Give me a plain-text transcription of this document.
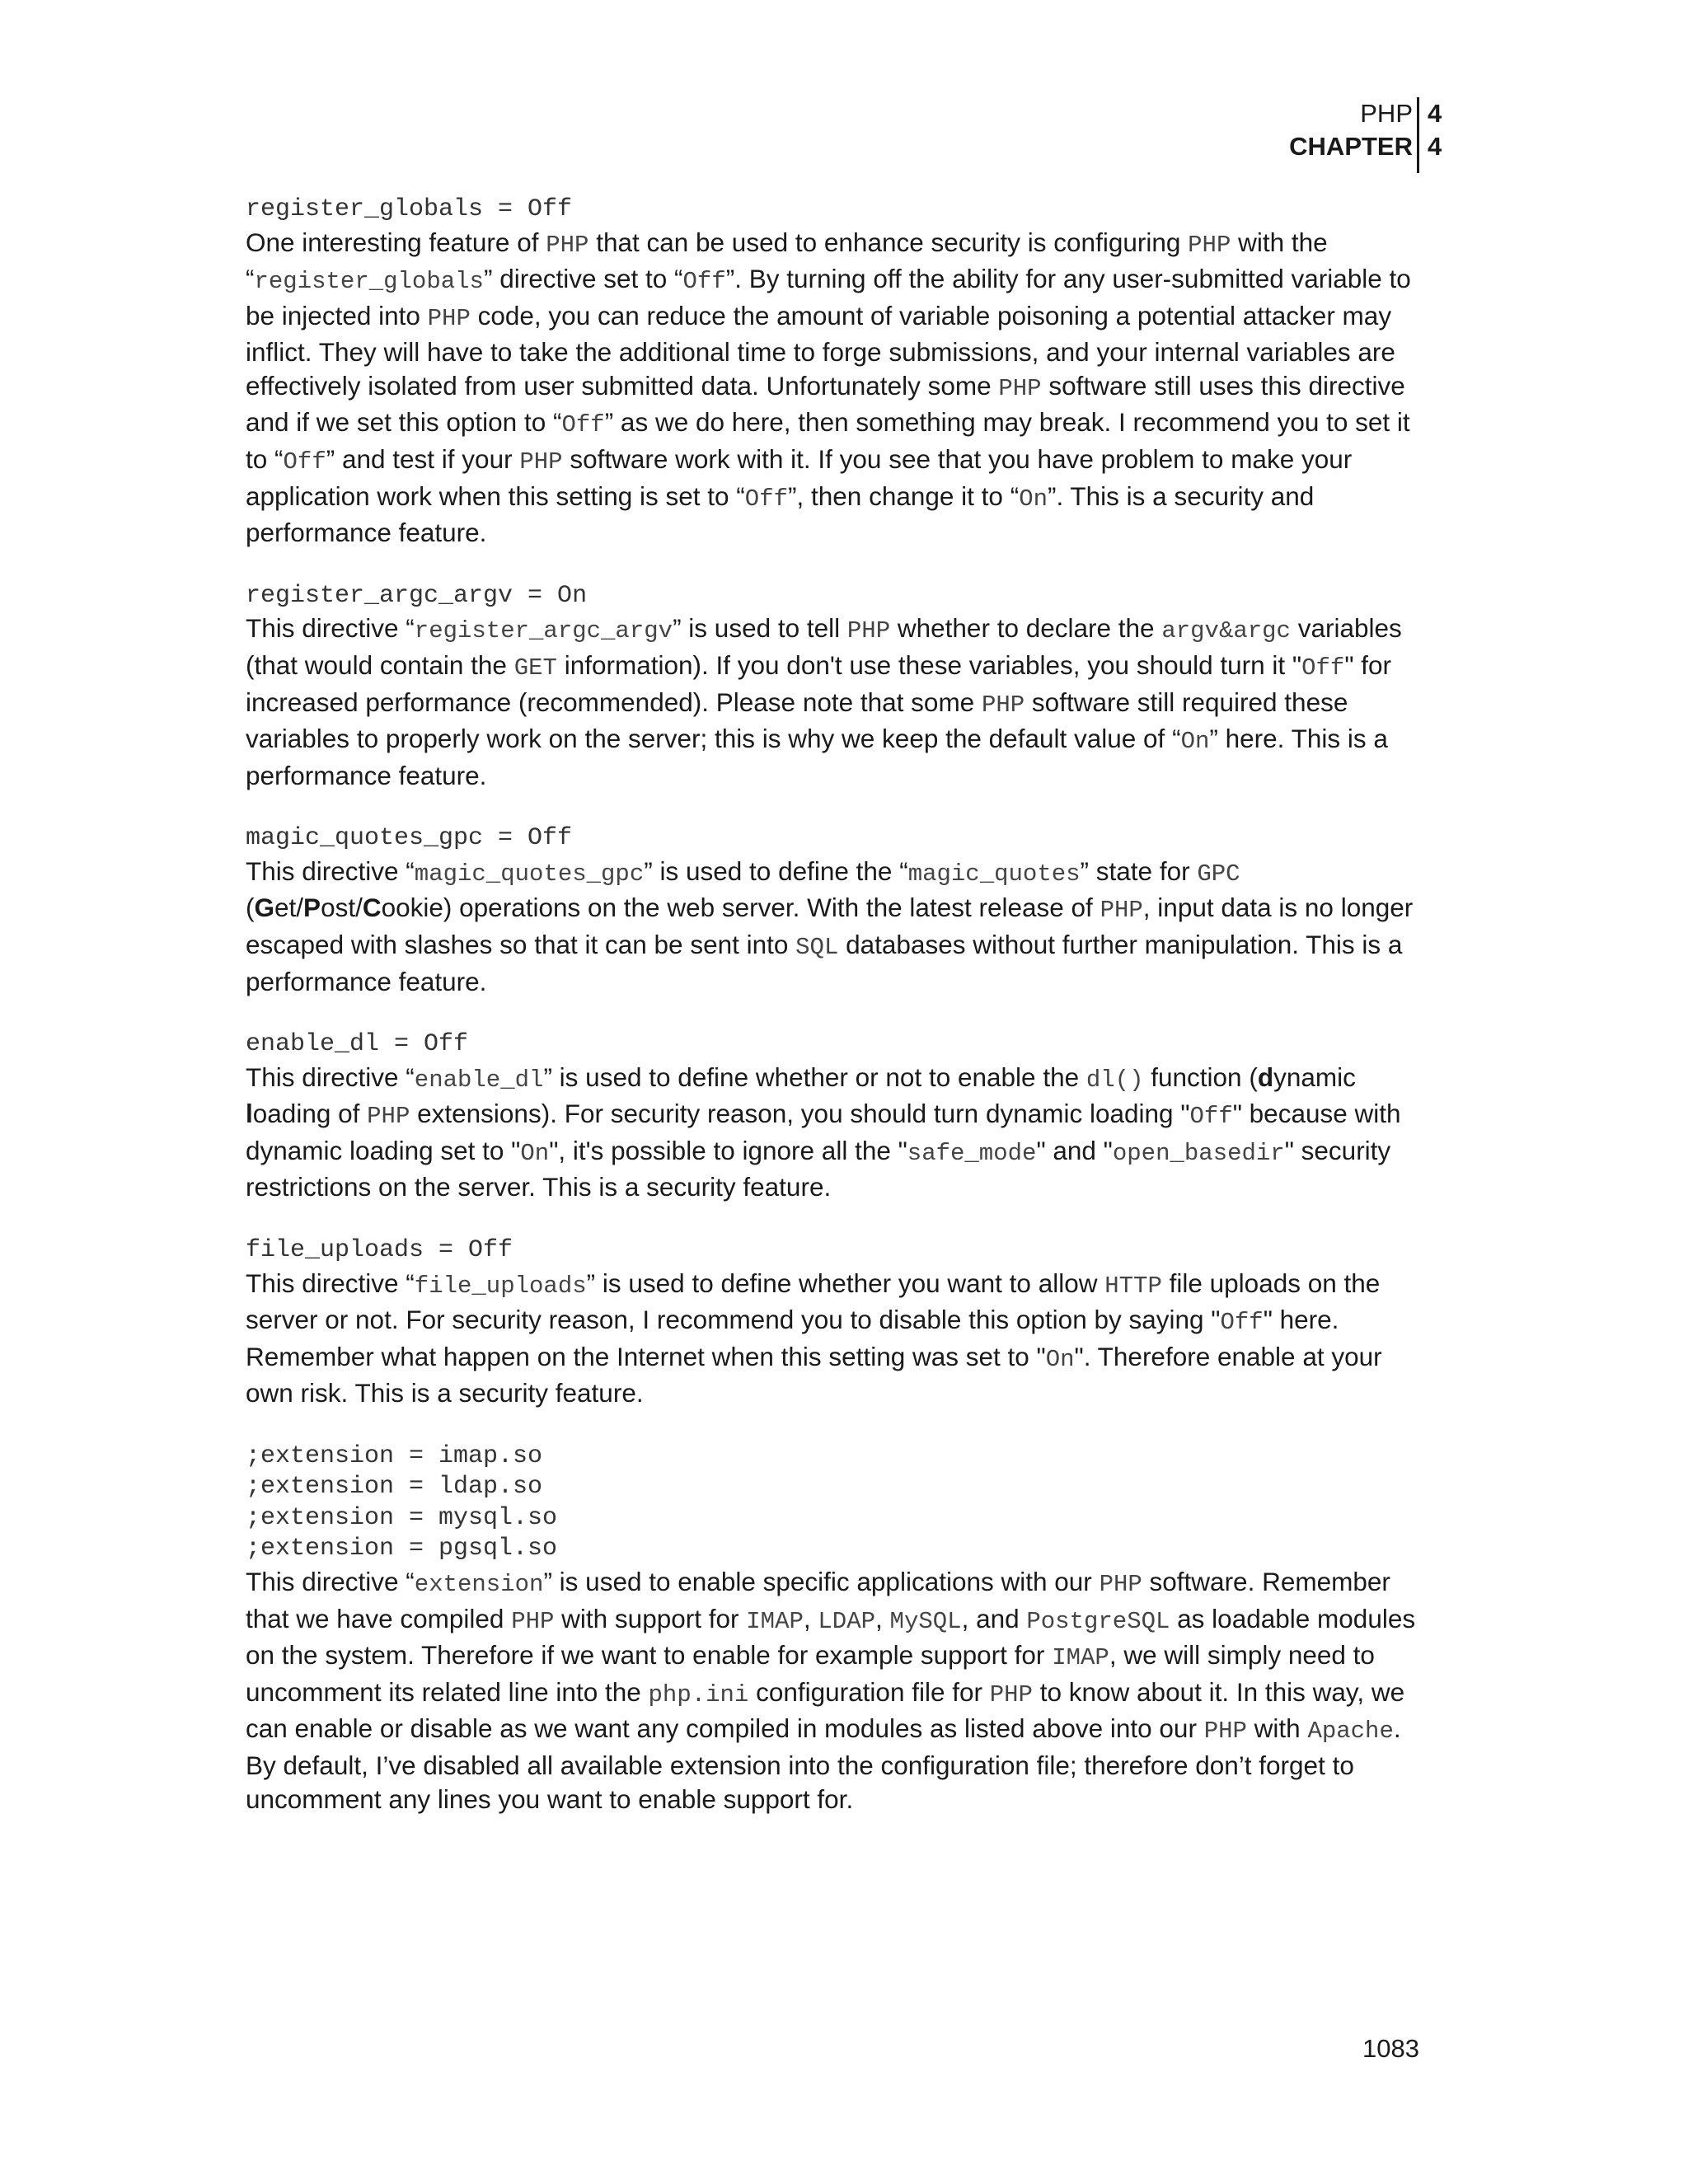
PHP 4
CHAPTER 4
register_globals = Off
One interesting feature of PHP that can be used to enhance security is configuring PHP with the “register_globals” directive set to “Off”. By turning off the ability for any user-submitted variable to be injected into PHP code, you can reduce the amount of variable poisoning a potential attacker may inflict. They will have to take the additional time to forge submissions, and your internal variables are effectively isolated from user submitted data. Unfortunately some PHP software still uses this directive and if we set this option to “Off” as we do here, then something may break. I recommend you to set it to “Off” and test if your PHP software work with it. If you see that you have problem to make your application work when this setting is set to “Off”, then change it to “On”. This is a security and performance feature.
register_argc_argv = On
This directive “register_argc_argv” is used to tell PHP whether to declare the argv&argc variables (that would contain the GET information). If you don't use these variables, you should turn it "Off" for increased performance (recommended). Please note that some PHP software still required these variables to properly work on the server; this is why we keep the default value of “On” here. This is a performance feature.
magic_quotes_gpc = Off
This directive “magic_quotes_gpc” is used to define the “magic_quotes” state for GPC (Get/Post/Cookie) operations on the web server. With the latest release of PHP, input data is no longer escaped with slashes so that it can be sent into SQL databases without further manipulation. This is a performance feature.
enable_dl = Off
This directive “enable_dl” is used to define whether or not to enable the dl() function (dynamic loading of PHP extensions). For security reason, you should turn dynamic loading "Off" because with dynamic loading set to "On", it's possible to ignore all the "safe_mode" and "open_basedir" security restrictions on the server. This is a security feature.
file_uploads = Off
This directive “file_uploads” is used to define whether you want to allow HTTP file uploads on the server or not. For security reason, I recommend you to disable this option by saying "Off" here. Remember what happen on the Internet when this setting was set to "On". Therefore enable at your own risk. This is a security feature.
;extension = imap.so
;extension = ldap.so
;extension = mysql.so
;extension = pgsql.so
This directive “extension” is used to enable specific applications with our PHP software. Remember that we have compiled PHP with support for IMAP, LDAP, MySQL, and PostgreSQL as loadable modules on the system. Therefore if we want to enable for example support for IMAP, we will simply need to uncomment its related line into the php.ini configuration file for PHP to know about it. In this way, we can enable or disable as we want any compiled in modules as listed above into our PHP with Apache. By default, I’ve disabled all available extension into the configuration file; therefore don’t forget to uncomment any lines you want to enable support for.
1083
